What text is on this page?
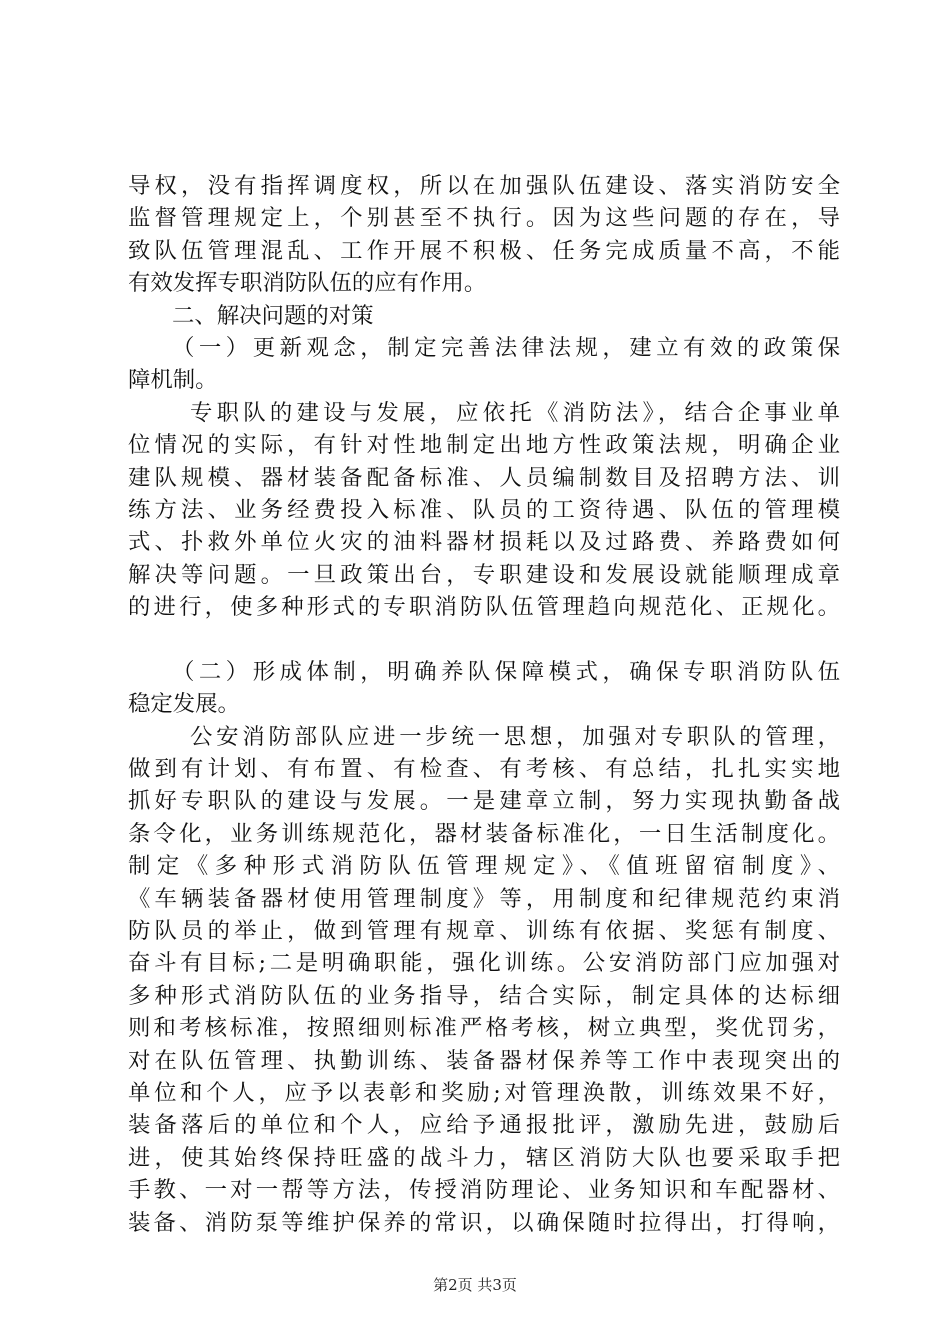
导权，没有指挥调度权，所以在加强队伍建设、落实消防安全
监督管理规定上，个别甚至不执行。因为这些问题的存在，导
致队伍管理混乱、工作开展不积极、任务完成质量不高，不能
有效发挥专职消防队伍的应有作用。
二、解决问题的对策
（一）更新观念，制定完善法律法规，建立有效的政策保
障机制。
专职队的建设与发展，应依托《消防法》，结合企事业单
位情况的实际，有针对性地制定出地方性政策法规，明确企业
建队规模、器材装备配备标准、人员编制数目及招聘方法、训
练方法、业务经费投入标准、队员的工资待遇、队伍的管理模
式、扑救外单位火灾的油料器材损耗以及过路费、养路费如何
解决等问题。一旦政策出台，专职建设和发展设就能顺理成章
的进行，使多种形式的专职消防队伍管理趋向规范化、正规化。
（二）形成体制，明确养队保障模式，确保专职消防队伍
稳定发展。
公安消防部队应进一步统一思想，加强对专职队的管理，
做到有计划、有布置、有检查、有考核、有总结，扎扎实实地
抓好专职队的建设与发展。一是建章立制，努力实现执勤备战
条令化，业务训练规范化，器材装备标准化，一日生活制度化。
制定《多种形式消防队伍管理规定》、《值班留宿制度》、
《车辆装备器材使用管理制度》等，用制度和纪律规范约束消
防队员的举止，做到管理有规章、训练有依据、奖惩有制度、
奋斗有目标;二是明确职能，强化训练。公安消防部门应加强对
多种形式消防队伍的业务指导，结合实际，制定具体的达标细
则和考核标准，按照细则标准严格考核，树立典型，奖优罚劣，
对在队伍管理、执勤训练、装备器材保养等工作中表现突出的
单位和个人，应予以表彰和奖励;对管理涣散，训练效果不好，
装备落后的单位和个人，应给予通报批评，激励先进，鼓励后
进，使其始终保持旺盛的战斗力，辖区消防大队也要采取手把
手教、一对一帮等方法，传授消防理论、业务知识和车配器材、
装备、消防泵等维护保养的常识，以确保随时拉得出，打得响，
第2页 共3页
